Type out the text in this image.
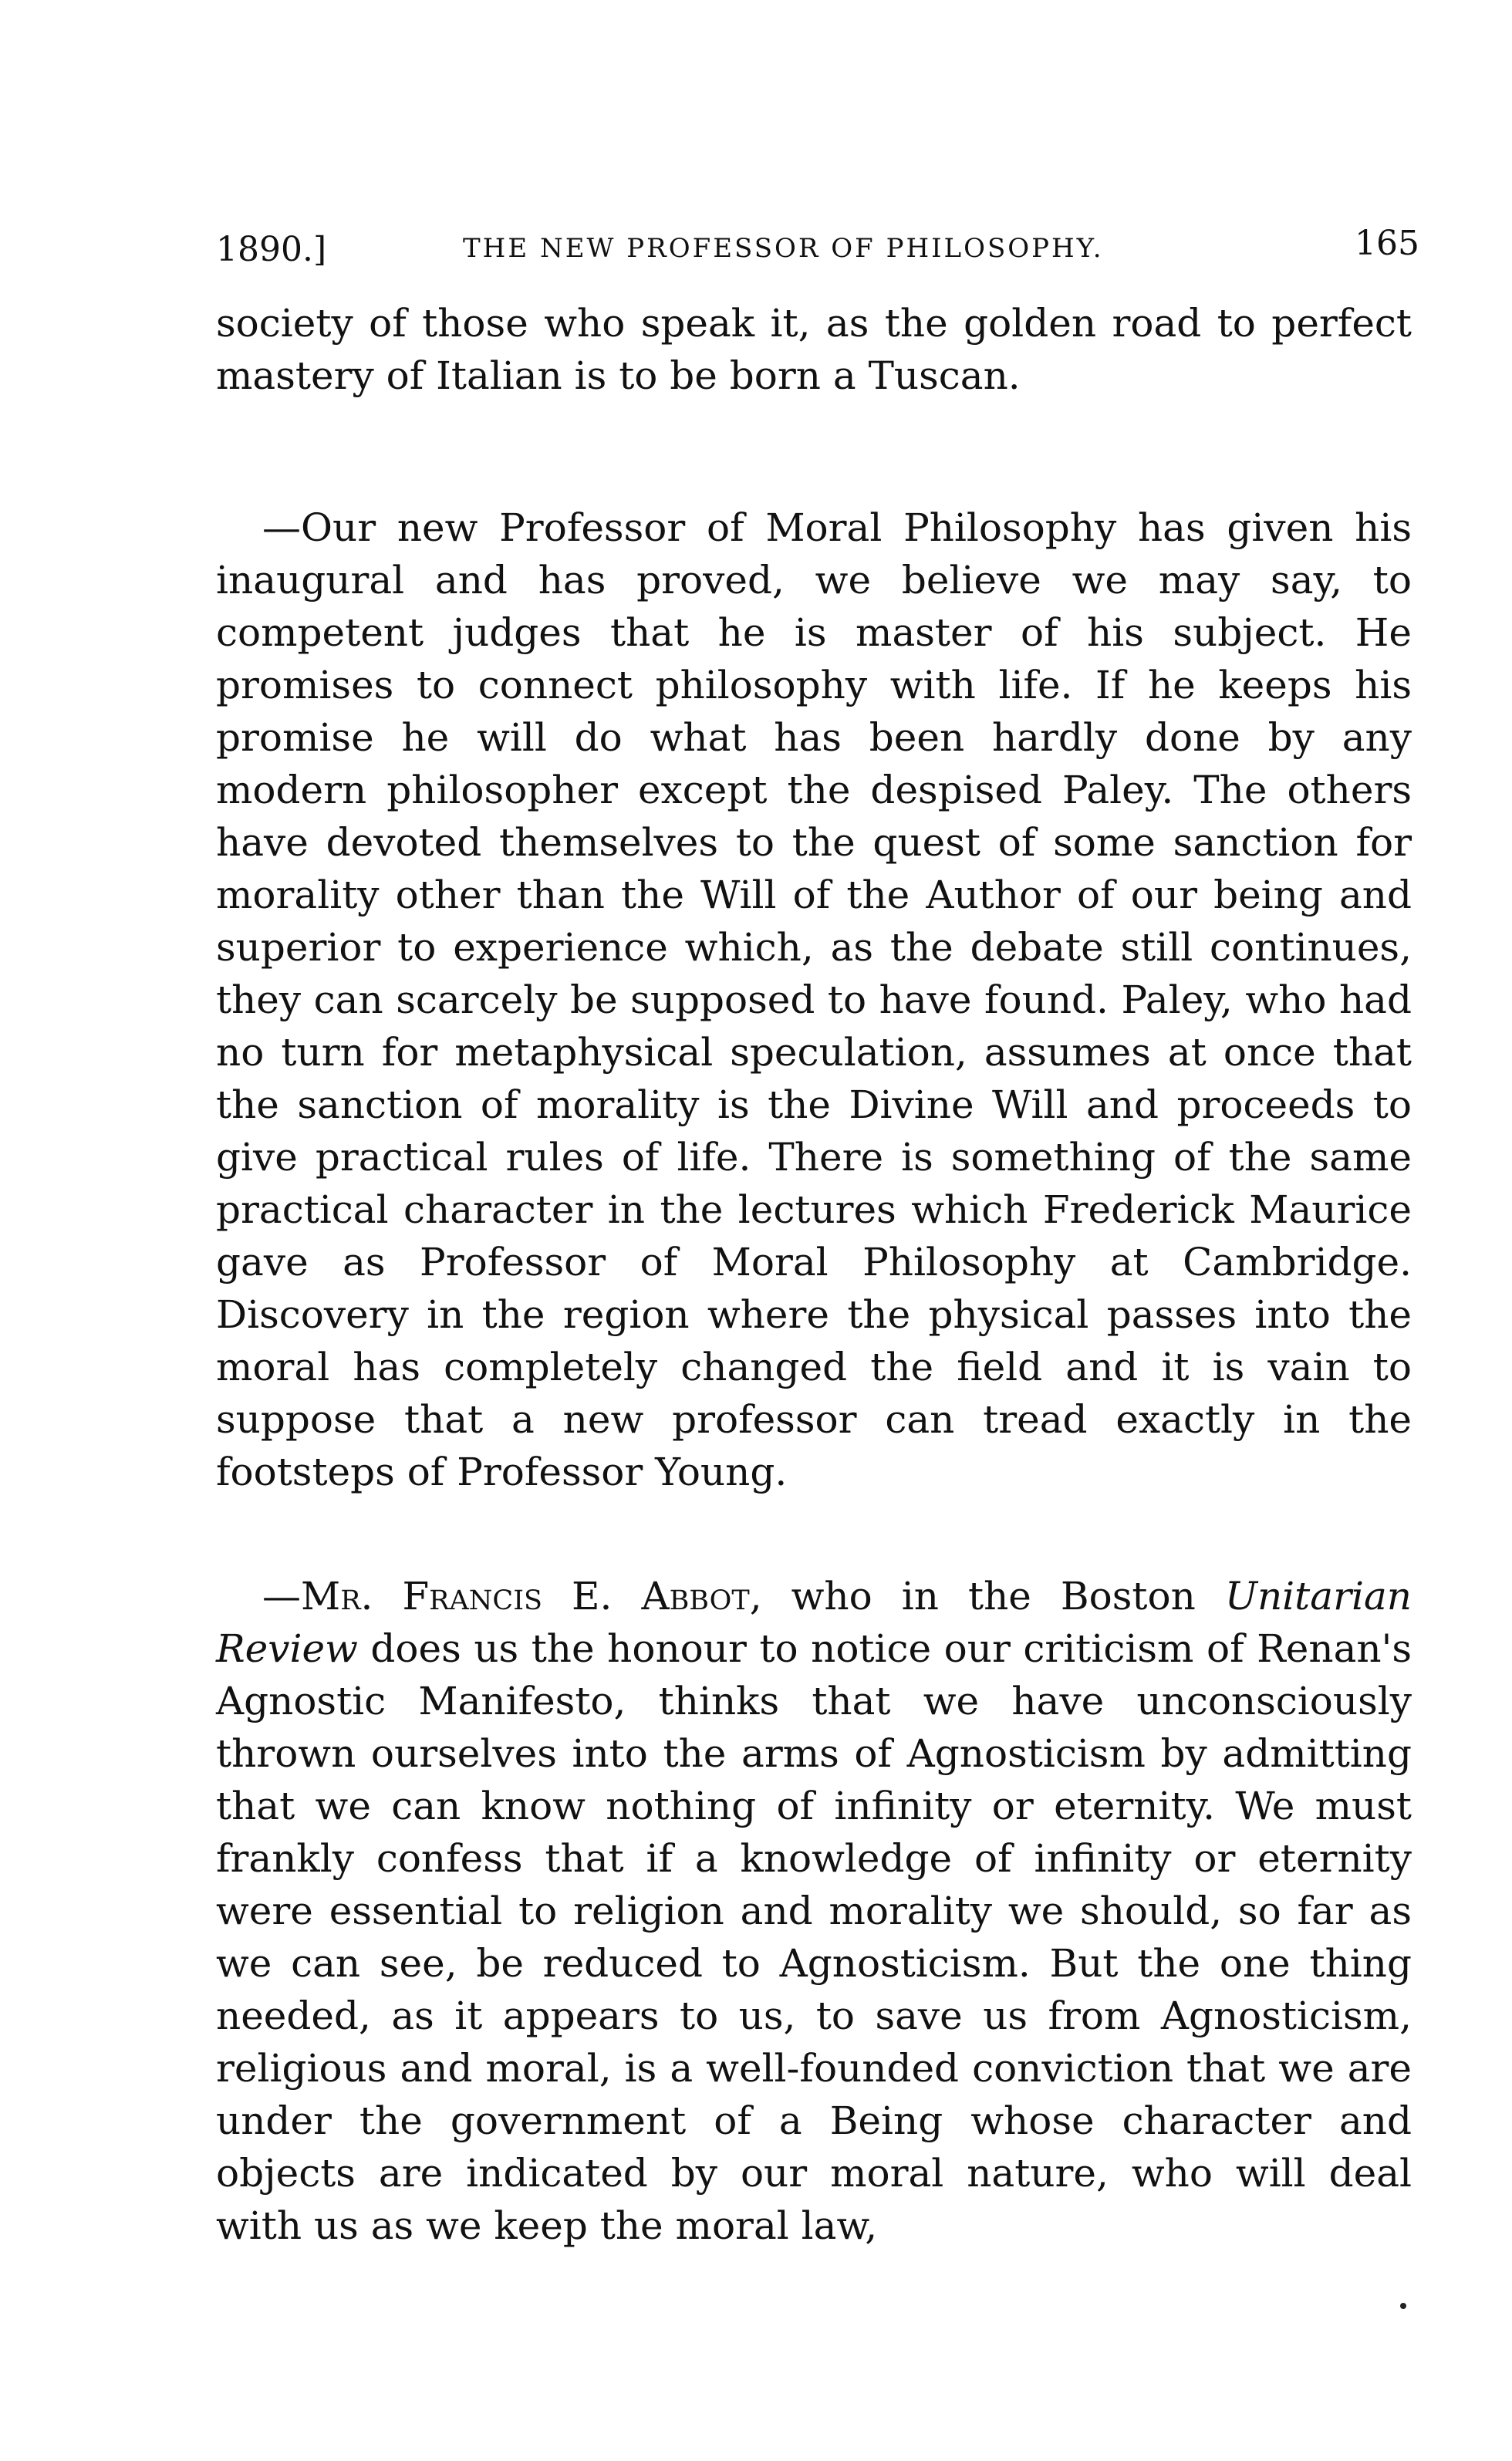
1890.]	THE NEW PROFESSOR OF PHILOSOPHY.	165

society of those who speak it, as the golden road to perfect mastery of Italian is to be born a Tuscan.

—Our new Professor of Moral Philosophy has given his inaugural and has proved, we believe we may say, to competent judges that he is master of his subject. He promises to connect philosophy with life. If he keeps his promise he will do what has been hardly done by any modern philosopher except the despised Paley. The others have devoted themselves to the quest of some sanction for morality other than the Will of the Author of our being and superior to experience which, as the debate still continues, they can scarcely be supposed to have found. Paley, who had no turn for metaphysical speculation, assumes at once that the sanction of morality is the Divine Will and proceeds to give practical rules of life. There is something of the same practical character in the lectures which Frederick Maurice gave as Professor of Moral Philosophy at Cambridge. Discovery in the region where the physical passes into the moral has completely changed the field and it is vain to suppose that a new professor can tread exactly in the footsteps of Professor Young.

—Mr. Francis E. Abbot, who in the Boston Unitarian Review does us the honour to notice our criticism of Renan's Agnostic Manifesto, thinks that we have unconsciously thrown ourselves into the arms of Agnosticism by admitting that we can know nothing of infinity or eternity. We must frankly confess that if a knowledge of infinity or eternity were essential to religion and morality we should, so far as we can see, be reduced to Agnosticism. But the one thing needed, as it appears to us, to save us from Agnosticism, religious and moral, is a well-founded conviction that we are under the government of a Being whose character and objects are indicated by our moral nature, who will deal with us as we keep the moral law,
